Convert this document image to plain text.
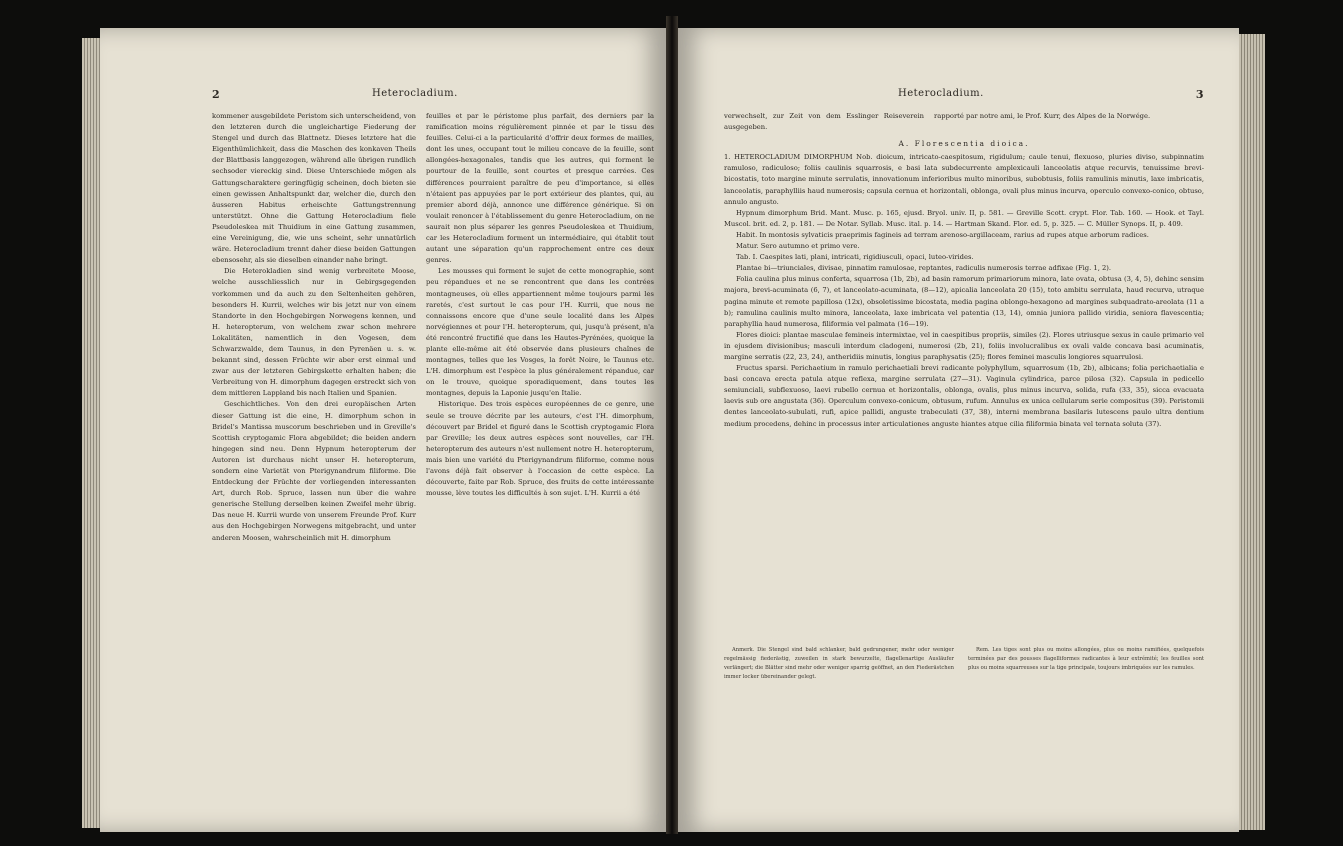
2	Heterocladium.

kommener ausgebildete Peristom sich unterscheidend, von den letzteren durch die ungleichartige Fiederung der Stengel und durch das Blattnetz. Dieses letztere hat die Eigenthümlichkeit, dass die Maschen des konkaven Theils der Blattbasis langgezogen, während alle übrigen rundlich sechsoder viereckig sind. Diese Unterschiede mögen als Gattungscharaktere geringfügig scheinen, doch bieten sie einen gewissen Anhaltspunkt dar, welcher die, durch den äusseren Habitus erheischte Gattungstrennung unterstützt. Ohne die Gattung Heterocladium fiele Pseudoleskea mit Thuidium in eine Gattung zusammen, eine Vereinigung, die, wie uns scheint, sehr unnatürlich wäre. Heterocladium trennt daher diese beiden Gattungen ebensosehr, als sie dieselben einander nahe bringt.

Die Heterokladien sind wenig verbreitete Moose, welche ausschliesslich nur in Gebirgsgegenden vorkommen und da auch zu den Seltenheiten gehören, besonders H. Kurrii, welches wir bis jetzt nur von einem Standorte in den Hochgebirgen Norwegens kennen, und H. heteropterum, von welchem zwar schon mehrere Lokalitäten, namentlich in den Vogesen, dem Schwarzwalde, dem Taunus, in den Pyrenäen u. s. w. bekannt sind, dessen Früchte wir aber erst einmal und zwar aus der letzteren Gebirgskette erhalten haben; die Verbreitung von H. dimorphum dagegen erstreckt sich von dem mittleren Lappland bis nach Italien und Spanien.

Geschichtliches. Von den drei europäischen Arten dieser Gattung ist die eine, H. dimorphum schon in Bridel's Mantissa muscorum beschrieben und in Greville's Scottish cryptogamic Flora abgebildet; die beiden andern hingegen sind neu. Denn Hypnum heteropterum der Autoren ist durchaus nicht unser H. heteropterum, sondern eine Varietät von Pterigynandrum filiforme. Die Entdeckung der Früchte der vorliegenden interessanten Art, durch Rob. Spruce, lassen nun über die wahre generische Stellung derselben keinen Zweifel mehr übrig. Das neue H. Kurrii wurde von unserem Freunde Prof. Kurr aus den Hochgebirgen Norwegens mitgebracht, und unter anderen Moosen, wahrscheinlich mit H. dimorphum

feuilles et par le péristome plus parfait, des derniers par la ramification moins régulièrement pinnée et par le tissu des feuilles. Celui-ci a la particularité d'offrir deux formes de mailles, dont les unes, occupant tout le milieu concave de la feuille, sont allongées-hexagonales, tandis que les autres, qui forment le pourtour de la feuille, sont courtes et presque carrées. Ces différences pourraient paraître de peu d'importance, si elles n'étaient pas appuyées par le port extérieur des plantes, qui, au premier abord déjà, annonce une différence générique. Si on voulait renoncer à l'établissement du genre Heterocladium, on ne saurait non plus séparer les genres Pseudoleskea et Thuidium, car les Heterocladium forment un intermédiaire, qui établit tout autant une séparation qu'un rapprochement entre ces deux genres.

Les mousses qui forment le sujet de cette monographie, sont peu répandues et ne se rencontrent que dans les contrées montagneuses, où elles appartiennent même toujours parmi les raretés, c'est surtout le cas pour l'H. Kurrii, que nous ne connaissons encore que d'une seule localité dans les Alpes norvégiennes et pour l'H. heteropterum, qui, jusqu'à présent, n'a été rencontré fructifié que dans les Hautes-Pyrénées, quoique la plante elle-même ait été observée dans plusieurs chaînes de montagnes, telles que les Vosges, la forêt Noire, le Taunus etc. L'H. dimorphum est l'espèce la plus généralement répandue, car on le trouve, quoique sporadiquement, dans toutes les montagnes, depuis la Laponie jusqu'en Italie.

Historique. Des trois espèces européennes de ce genre, une seule se trouve décrite par les auteurs, c'est l'H. dimorphum, découvert par Bridel et figuré dans le Scottish cryptogamic Flora par Greville; les deux autres espèces sont nouvelles, car l'H. heteropterum des auteurs n'est nullement notre H. heteropterum, mais bien une variété du Pterigynandrum filiforme, comme nous l'avons déjà fait observer à l'occasion de cette espèce. La découverte, faite par Rob. Spruce, des fruits de cette intéressante mousse, lève toutes les difficultés à son sujet. L'H. Kurrii a été

Heterocladium.	3

verwechselt, zur Zeit von dem Esslinger Reiseverein ausgegeben.

rapporté par notre ami, le Prof. Kurr, des Alpes de la Norwége.

A. Florescentia dioica.

1. HETEROCLADIUM DIMORPHUM Nob. dioicum, intricato-caespitosum, rigidulum; caule tenui, flexuoso, pluries diviso, subpinnatim ramuloso, radiculoso; foliis caulinis squarrosis, e basi lata subdecurrente amplexicauli lanceolatis atque recurvis, tenuissime brevi-bicostatis, toto margine minute serrulatis, innovationum inferioribus multo minoribus, subobtusis, foliis ramulinis minutis, laxe imbricatis, lanceolatis, paraphylliis haud numerosis; capsula cernua et horizontali, oblonga, ovali plus minus incurva, operculo convexo-conico, obtuso, annulo angusto.

Hypnum dimorphum Brid. Mant. Musc. p. 165, ejusd. Bryol. univ. II, p. 581. — Greville Scott. crypt. Flor. Tab. 160. — Hook. et Tayl. Muscol. brit. ed. 2, p. 181. — De Notar. Syllab. Musc. ital. p. 14. — Hartman Skand. Flor. ed. 5, p. 325. — C. Müller Synops. II, p. 409.

Habit. In montosis sylvaticis praeprimis fagineis ad terram arenoso-argillaceam, rarius ad rupes atque arborum radices.

Matur. Sero autumno et primo vere.

Tab. I. Caespites lati, plani, intricati, rigidiusculi, opaci, luteo-virides.

Plantae bi—triunciales, divisae, pinnatim ramulosae, reptantes, radiculis numerosis terrae adfixae (Fig. 1, 2).

Folia caulina plus minus conferta, squarrosa (1b, 2b), ad basin ramorum primariorum minora, late ovata, obtusa (3, 4, 5), dehinc sensim majora, brevi-acuminata (6, 7), et lanceolato-acuminata, (8—12), apicalia lanceolata 20 (15), toto ambitu serrulata, haud recurva, utraque pagina minute et remote papillosa (12x), obsoletissime bicostata, media pagina oblongo-hexagono ad margines subquadrato-areolata (11 a b); ramulina caulinis multo minora, lanceolata, laxe imbricata vel patentia (13, 14), omnia juniora pallido viridia, seniora flavescentia; paraphyllia haud numerosa, filiformia vel palmata (16—19).

Flores dioici: plantae masculae femineis intermixtae, vel in caespitibus propriis, similes (2). Flores utriusque sexus in caule primario vel in ejusdem divisionibus; masculi interdum cladogeni, numerosi (2b, 21), foliis involucralibus ex ovali valde concava basi acuminatis, margine serratis (22, 23, 24), antheridiis minutis, longius paraphysatis (25); flores feminei masculis longiores squarrulosi.

Fructus sparsi. Perichaetium in ramulo perichaetiali brevi radicante polyphyllum, squarrosum (1b, 2b), albicans; folia perichaetialia e basi concava erecta patula atque reflexa, margine serrulata (27—31). Vaginula cylindrica, parce pilosa (32). Capsula in pedicello semiunciali, subflexuoso, laevi rubello cernua et horizontalis, oblonga, ovalis, plus minus incurva, solida, rufa (33, 35), sicca evacuata laevis sub ore angustata (36). Operculum convexo-conicum, obtusum, rufum. Annulus ex unica cellularum serie compositus (39). Peristomii dentes lanceolato-subulati, rufi, apice pallidi, anguste trabeculati (37, 38), interni membrana basilaris lutescens paulo ultra dentium medium procedens, dehinc in processus inter articulationes anguste hiantes atque cilia filiformia binata vel ternata soluta (37).

Anmerk. Die Stengel sind bald schlanker, bald gedrungener, mehr oder weniger regelmässig fiederästig, zuweilen in stark bewurzelte, flagellenartige Ausläufer verlängert; die Blätter sind mehr oder weniger sparrig geöffnet, an den Fiederästchen immer locker übereinander gelegt.

Rem. Les tiges sont plus ou moins allongées, plus ou moins ramifiées, quelquefois terminées par des pousses flagelliformes radicantes à leur extrémité; les feuilles sont plus ou moins squarreuses sur la tige principale, toujours imbriquées sur les ramules.
